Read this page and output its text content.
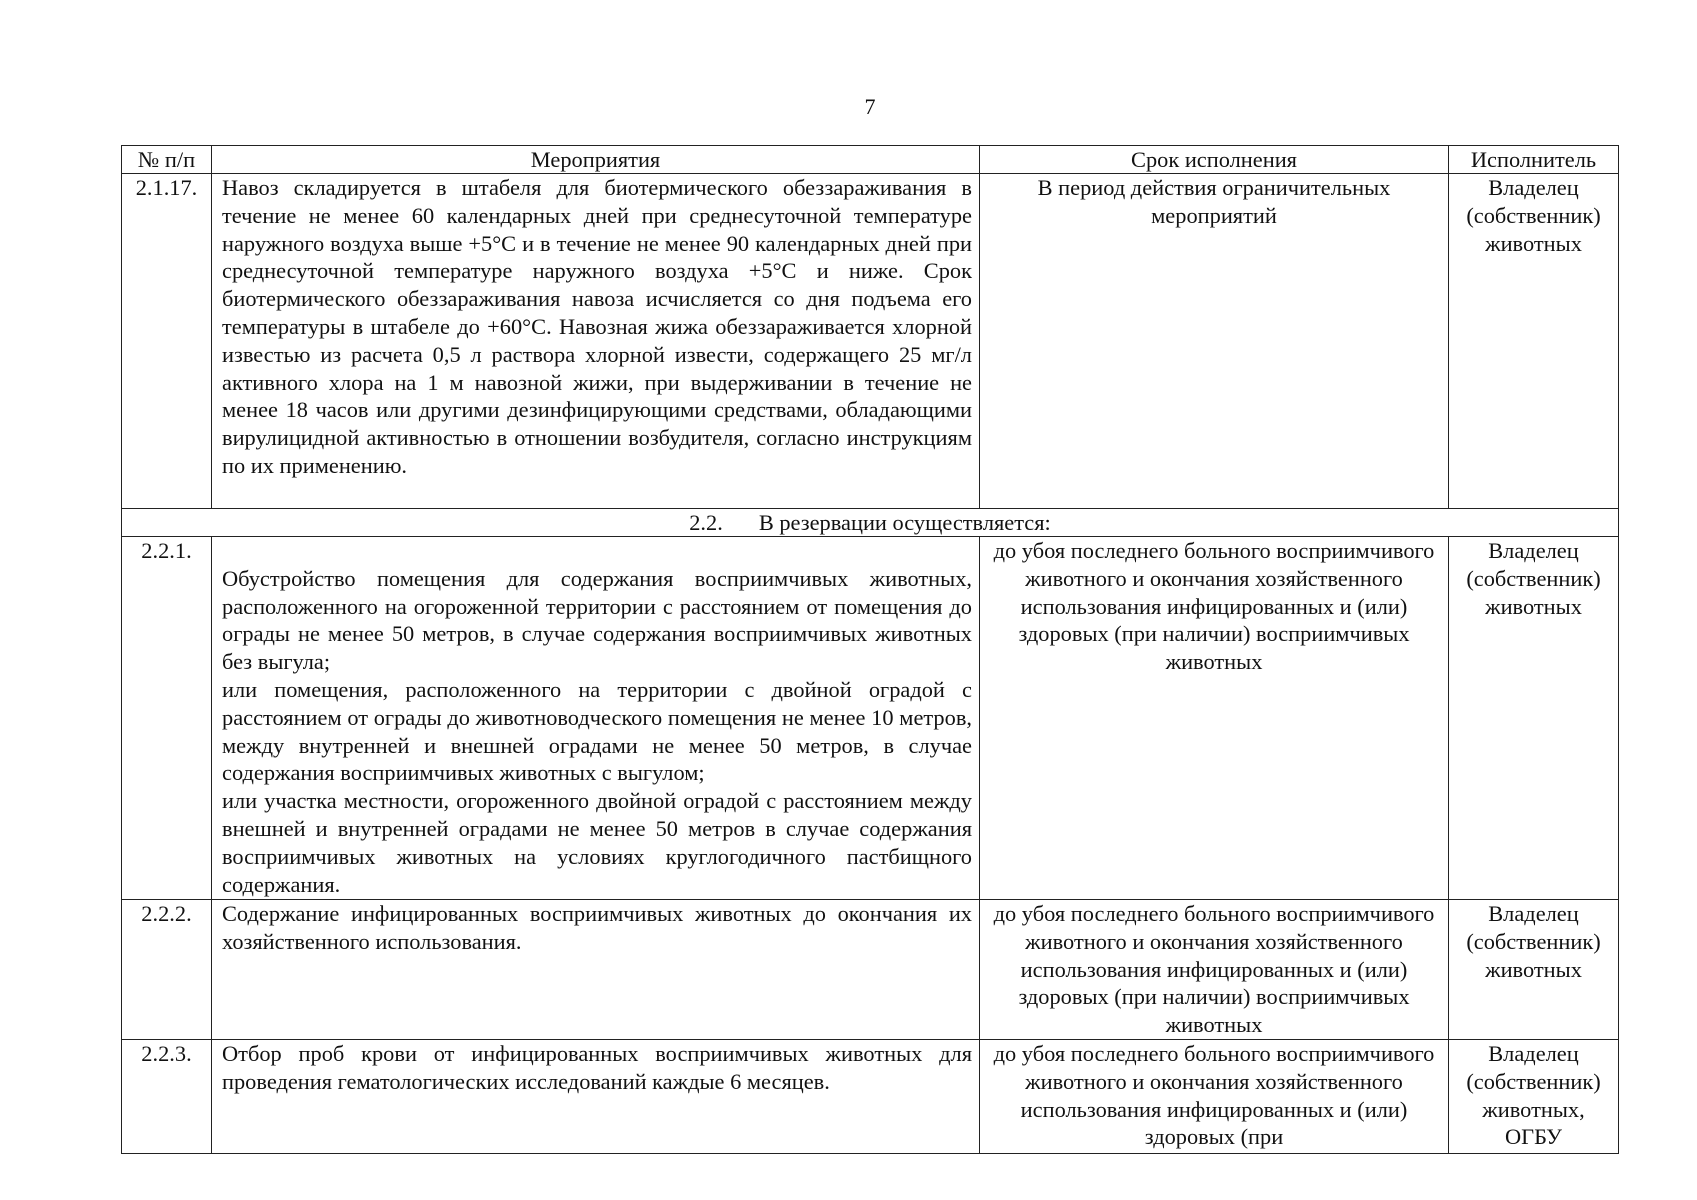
7
№ п/п	Мероприятия	Срок исполнения	Исполнитель
2.1.17.	Навоз складируется в штабеля для биотермического обеззараживания в течение не менее 60 календарных дней при среднесуточной температуре наружного воздуха выше +5°С и в течение не менее 90 календарных дней при среднесуточной температуре наружного воздуха +5°С и ниже. Срок биотермического обеззараживания навоза исчисляется со дня подъема его температуры в штабеле до +60°С. Навозная жижа обеззараживается хлорной известью из расчета 0,5 л раствора хлорной извести, содержащего 25 мг/л активного хлора на 1 м навозной жижи, при выдерживании в течение не менее 18 часов или другими дезинфицирующими средствами, обладающими вирулицидной активностью в отношении возбудителя, согласно инструкциям по их применению.	В период действия ограничительных мероприятий	Владелец (собственник) животных
2.2. В резервации осуществляется:			
2.2.1.	Обустройство помещения для содержания восприимчивых животных, расположенного на огороженной территории с расстоянием от помещения до ограды не менее 50 метров, в случае содержания восприимчивых животных без выгула;

или помещения, расположенного на территории с двойной оградой с расстоянием от ограды до животноводческого помещения не менее 10 метров, между внутренней и внешней оградами не менее 50 метров, в случае содержания восприимчивых животных с выгулом;

или участка местности, огороженного двойной оградой с расстоянием между внешней и внутренней оградами не менее 50 метров в случае содержания восприимчивых животных на условиях круглогодичного пастбищного содержания.	до убоя последнего больного восприимчивого животного и окончания хозяйственного использования инфицированных и (или) здоровых (при наличии) восприимчивых животных	Владелец (собственник) животных
2.2.2.	Содержание инфицированных восприимчивых животных до окончания их хозяйственного использования.	до убоя последнего больного восприимчивого животного и окончания хозяйственного использования инфицированных и (или) здоровых (при наличии) восприимчивых животных	Владелец (собственник) животных
2.2.3.	Отбор проб крови от инфицированных восприимчивых животных для проведения гематологических исследований каждые 6 месяцев.	до убоя последнего больного восприимчивого животного и окончания хозяйственного использования инфицированных и (или) здоровых (при	Владелец (собственник) животных, ОГБУ
